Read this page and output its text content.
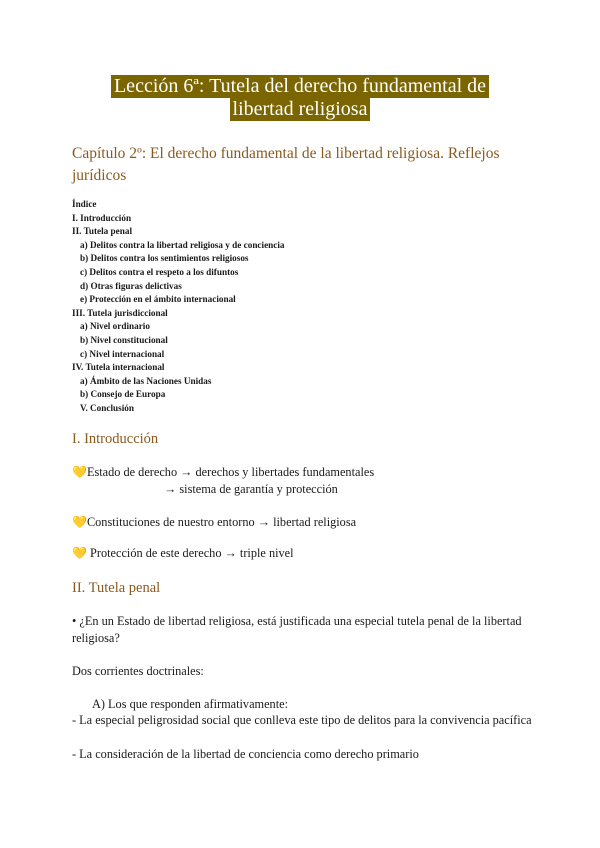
Lección 6ª: Tutela del derecho fundamental de
libertad religiosa
Capítulo 2º: El derecho fundamental de la libertad religiosa. Reflejos jurídicos
Índice
I. Introducción
II. Tutela penal
a) Delitos contra la libertad religiosa y de conciencia
b) Delitos contra los sentimientos religiosos
c) Delitos contra el respeto a los difuntos
d) Otras figuras delictivas
e) Protección en el ámbito internacional
III. Tutela jurisdiccional
a) Nivel ordinario
b) Nivel constitucional
c) Nivel internacional
IV. Tutela internacional
a) Ámbito de las Naciones Unidas
b) Consejo de Europa
V. Conclusión
I. Introducción
💛Estado de derecho → derechos y libertades fundamentales
→ sistema de garantía y protección
💛Constituciones de nuestro entorno → libertad religiosa
💛 Protección de este derecho → triple nivel
II. Tutela penal
• ¿En un Estado de libertad religiosa, está justificada una especial tutela penal de la libertad religiosa?
Dos corrientes doctrinales:
A) Los que responden afirmativamente:
- La especial peligrosidad social que conlleva este tipo de delitos para la convivencia pacífica
- La consideración de la libertad de conciencia como derecho primario
